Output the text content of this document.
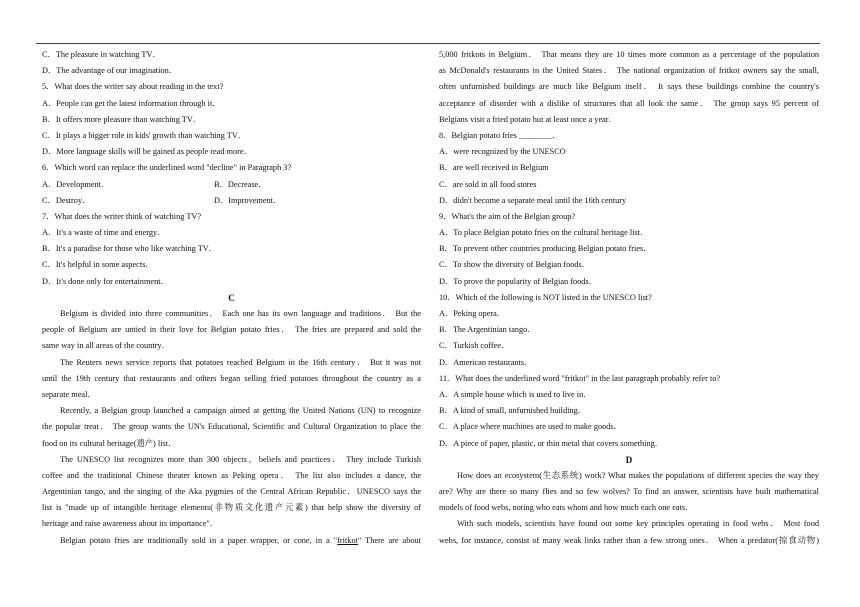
C．The pleasure in watching TV．
D．The advantage of our imagination．
5．What does the writer say about reading in the text?
A．People can get the latest information through it．
B．It offers more pleasure than watching TV．
C．It plays a bigger role in kids' growth than watching TV．
D．More language skills will be gained as people read more．
6．Which word can replace the underlined word "decline" in Paragraph 3?
A．Development．	B．Decrease．
C．Destroy．	D．Improvement．
7．What does the writer think of watching TV?
A．It's a waste of time and energy．
B．It's a paradise for those who like watching TV．
C．It's helpful in some aspects．
D．It's done only for entertainment．
C
Belgium is divided into three communities． Each one has its own language and traditions． But the
people of Belgium are untied in their love for Belgian potato fries． The fries are prepared and sold the
same way in all areas of the country．
The Reuters news service reports that potatoes reached Belgium in the 16th century． But it was not
until the 19th century that restaurants and others began selling fried potatoes throughout the country as a
separate meal．
Recently, a Belgian group launched a campaign aimed at getting the United Nations (UN) to recognize
the popular treat． The group wants the UN's Educational, Scientific and Cultural Organization to place the
food on its cultural heritage(遗产) list．
The UNESCO list recognizes more than 300 objects，beliefs and practices． They include Turkish
coffee and the traditional Chinese theater known as Peking opera． The list also includes a dance, the
Argentinian tango, and the singing of the Aka pygmies of the Central African Republic．UNESCO says the
list is "made up of intangible heritage elements(非物质文化遗产元素) that help show the diversity of
heritage and raise awareness about its importance"．
Belgian potato fries are traditionally sold in a paper wrapper, or cone, in a "fritkot" There are about
5,000 fritkots in Belgium． That means they are 10 times more common as a percentage of the population
as McDonald's restaurants in the United States． The national organization of fritkot owners say the small,
often unfurnished buildings are much like Belgium itself． It says these buildings combine the country's
acceptance of disorder with a dislike of structures that all look the same． The group says 95 percent of
Belgians visit a fried potato hut at least once a year．
8．Belgian potato fries ________．
A．were recognized by the UNESCO
B．are well received in Belgium
C．are sold in all food stores
D．didn't become a separate meal until the 16th century
9．What's the aim of the Belgian group?
A．To place Belgian potato fries on the cultural heritage list．
B．To prevent other countries producing Belgian potato fries．
C．To show the diversity of Belgian foods．
D．To prove the popularity of Belgian foods．
10．Which of the following is NOT listed in the UNESCO list?
A．Peking opera．
B．The Argentinian tango．
C．Turkish coffee．
D．American restaurants．
11．What does the underlined word "fritkot" in the last paragraph probably refer to?
A．A simple house which is used to live in．
B．A kind of small, unfurnished building．
C．A place where machines are used to make goods．
D．A piece of paper, plastic, or thin metal that covers something．
D
How does an ecosystem(生态系统) work? What makes the populations of different species the way they
are? Why are there so many flies and so few wolves? To find an answer, scientists have built mathematical
models of food webs, noting who eats whom and how much each one eats．
With such models, scientists have found out some key principles operating in food webs． Most food
webs, for instance, consist of many weak links rather than a few strong ones． When a predator(掠食动物)
